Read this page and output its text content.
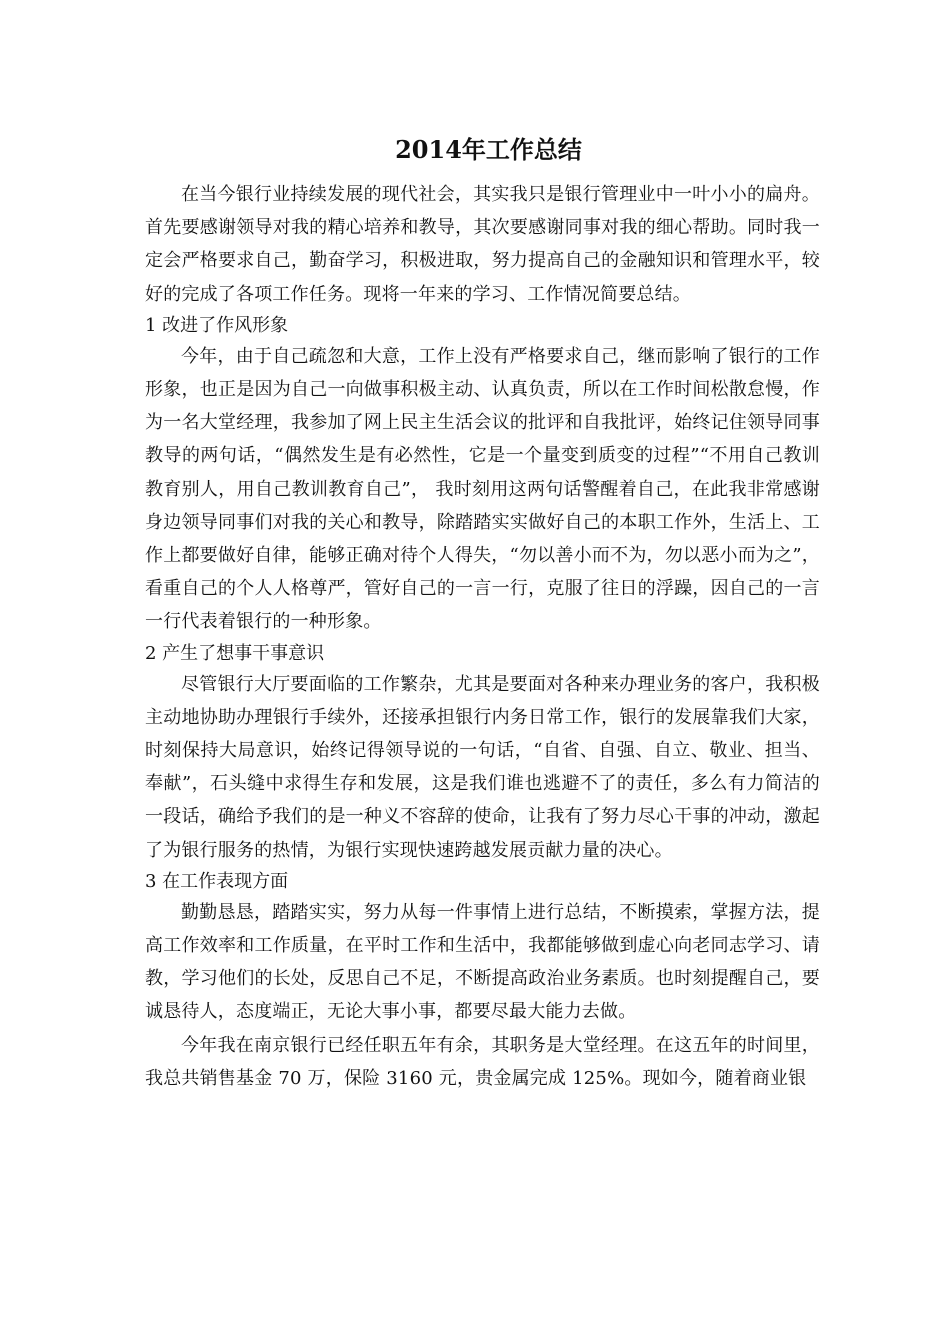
2014年工作总结

在当今银行业持续发展的现代社会，其实我只是银行管理业中一叶小小的扁舟。首先要感谢领导对我的精心培养和教导，其次要感谢同事对我的细心帮助。同时我一定会严格要求自己，勤奋学习，积极进取，努力提高自己的金融知识和管理水平，较好的完成了各项工作任务。现将一年来的学习、工作情况简要总结。

1 改进了作风形象

今年，由于自己疏忽和大意，工作上没有严格要求自己，继而影响了银行的工作形象，也正是因为自己一向做事积极主动、认真负责，所以在工作时间松散怠慢，作为一名大堂经理，我参加了网上民主生活会议的批评和自我批评，始终记住领导同事教导的两句话，“偶然发生是有必然性，它是一个量变到质变的过程”“不用自己教训教育别人，用自己教训教育自己”， 我时刻用这两句话警醒着自己，在此我非常感谢身边领导同事们对我的关心和教导，除踏踏实实做好自己的本职工作外，生活上、工作上都要做好自律，能够正确对待个人得失，“勿以善小而不为，勿以恶小而为之”，看重自己的个人人格尊严，管好自己的一言一行，克服了往日的浮躁，因自己的一言一行代表着银行的一种形象。

2 产生了想事干事意识

尽管银行大厅要面临的工作繁杂，尤其是要面对各种来办理业务的客户，我积极主动地协助办理银行手续外，还接承担银行内务日常工作，银行的发展靠我们大家，时刻保持大局意识，始终记得领导说的一句话，“自省、自强、自立、敬业、担当、奉献”，石头缝中求得生存和发展，这是我们谁也逃避不了的责任，多么有力简洁的一段话，确给予我们的是一种义不容辞的使命，让我有了努力尽心干事的冲动，激起了为银行服务的热情，为银行实现快速跨越发展贡献力量的决心。

3 在工作表现方面

勤勤恳恳，踏踏实实，努力从每一件事情上进行总结，不断摸索，掌握方法，提高工作效率和工作质量，在平时工作和生活中，我都能够做到虚心向老同志学习、请教，学习他们的长处，反思自己不足，不断提高政治业务素质。也时刻提醒自己，要诚恳待人，态度端正，无论大事小事，都要尽最大能力去做。

今年我在南京银行已经任职五年有余，其职务是大堂经理。在这五年的时间里，我总共销售基金 70 万，保险 3160 元，贵金属完成 125%。现如今，随着商业银
